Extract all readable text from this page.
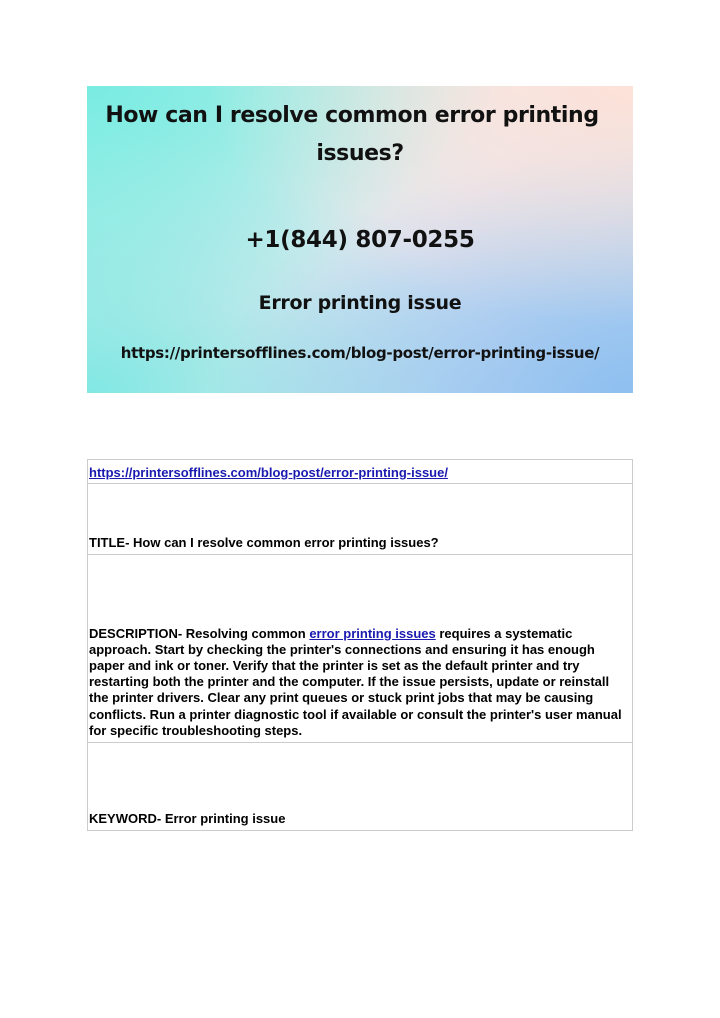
How can I resolve common error printing
issues?
+1(844) 807-0255
Error printing issue
https://printersofflines.com/blog-post/error-printing-issue/
https://printersofflines.com/blog-post/error-printing-issue/
TITLE- How can I resolve common error printing issues?
DESCRIPTION- Resolving common error printing issues requires a systematic approach. Start by checking the printer's connections and ensuring it has enough paper and ink or toner. Verify that the printer is set as the default printer and try restarting both the printer and the computer. If the issue persists, update or reinstall the printer drivers. Clear any print queues or stuck print jobs that may be causing conflicts. Run a printer diagnostic tool if available or consult the printer's user manual for specific troubleshooting steps.
KEYWORD- Error printing issue
